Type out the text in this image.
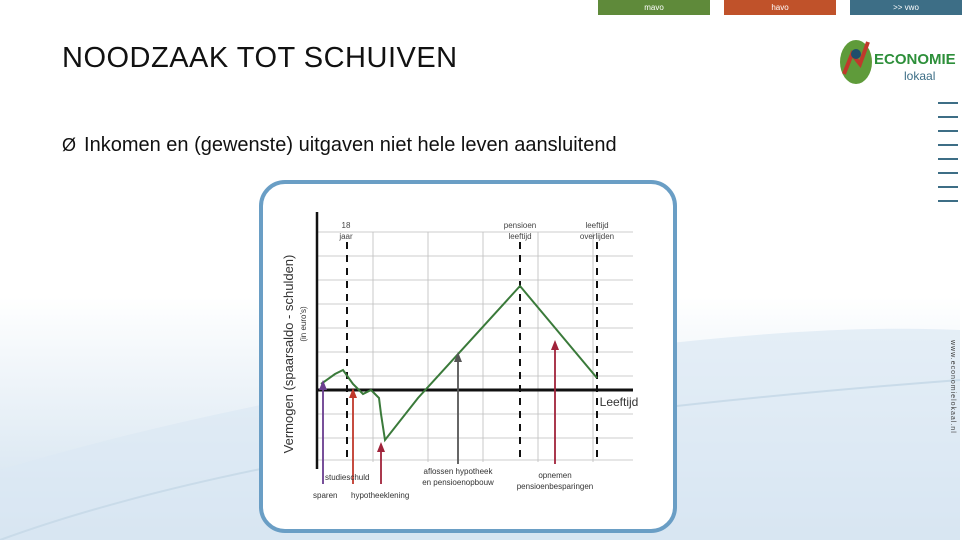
mavo	havo	>> vwo
NOODZAAK TOT SCHUIVEN	ECONOMIE
lokaal
www.economielokaal.nl
Ø Inkomen en (gewenste) uitgaven niet hele leven aansluitend
18
jaar
pensioen
leeftijd
leeftijd
overlijden
Vermogen (spaarsaldo - schulden) (in euro's)
Leeftijd
studieschuld
sparen hypotheeklening
aflossen hypotheek
en pensioenopbouw
opnemen
pensioenbesparingen
